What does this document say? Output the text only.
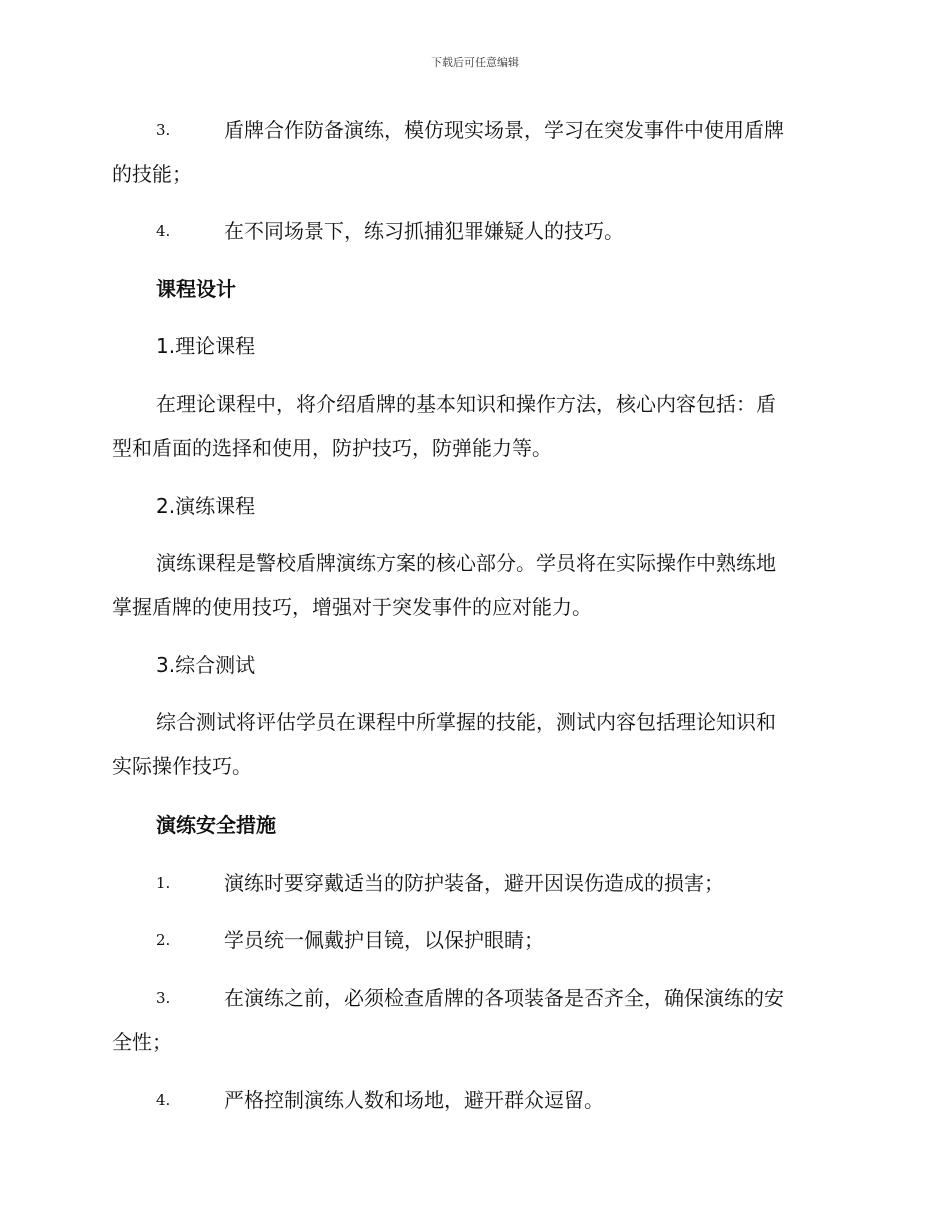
下载后可任意编辑
3.	盾牌合作防备演练，模仿现实场景，学习在突发事件中使用盾牌
的技能；
4.	在不同场景下，练习抓捕犯罪嫌疑人的技巧。
课程设计
1.理论课程
在理论课程中，将介绍盾牌的基本知识和操作方法，核心内容包括：盾
型和盾面的选择和使用，防护技巧，防弹能力等。
2.演练课程
演练课程是警校盾牌演练方案的核心部分。学员将在实际操作中熟练地
掌握盾牌的使用技巧，增强对于突发事件的应对能力。
3.综合测试
综合测试将评估学员在课程中所掌握的技能，测试内容包括理论知识和
实际操作技巧。
演练安全措施
1.	演练时要穿戴适当的防护装备，避开因误伤造成的损害；
2.	学员统一佩戴护目镜，以保护眼睛；
3.	在演练之前，必须检查盾牌的各项装备是否齐全，确保演练的安
全性；
4.	严格控制演练人数和场地，避开群众逗留。
